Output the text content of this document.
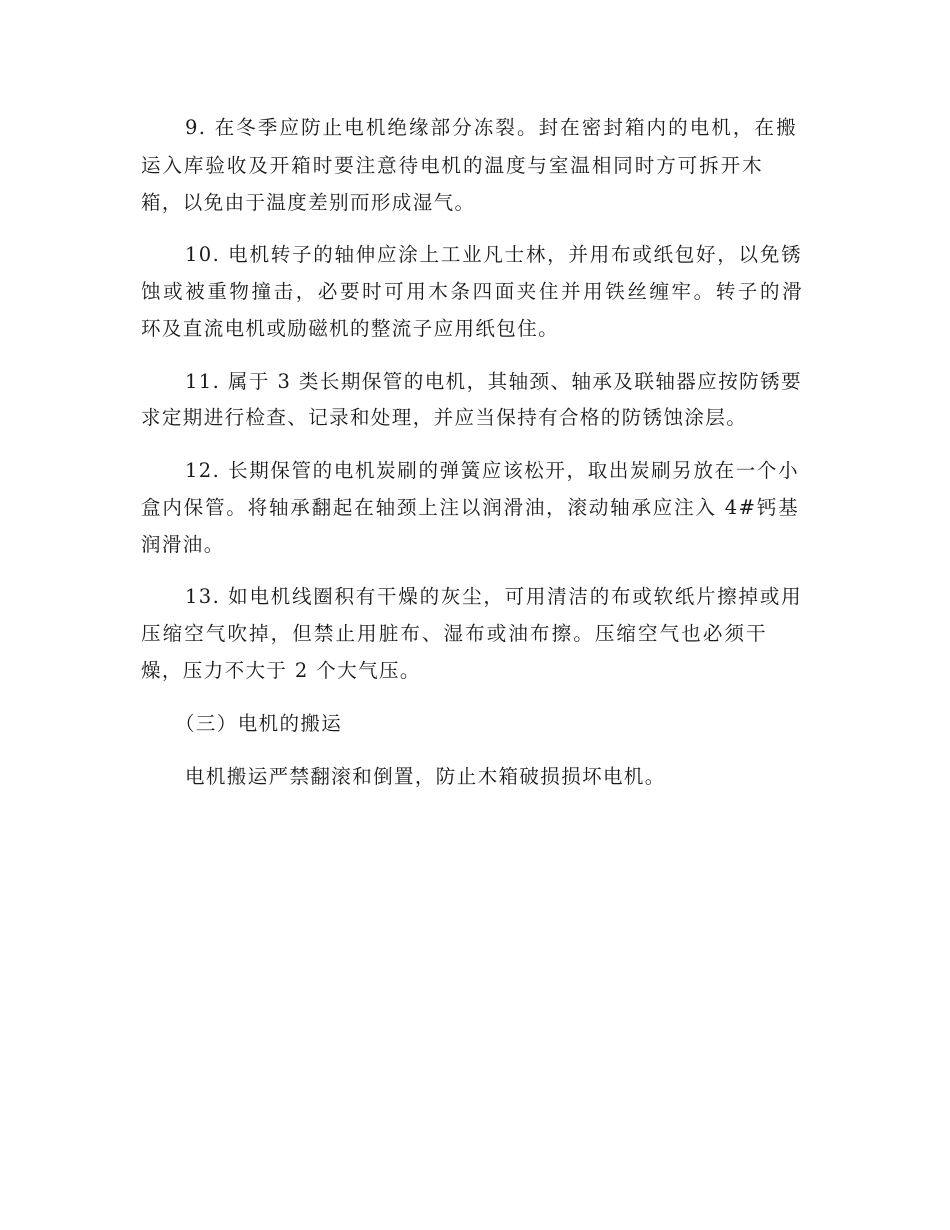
9. 在冬季应防止电机绝缘部分冻裂。封在密封箱内的电机，在搬
运入库验收及开箱时要注意待电机的温度与室温相同时方可拆开木
箱，以免由于温度差别而形成湿气。
10. 电机转子的轴伸应涂上工业凡士林，并用布或纸包好，以免锈
蚀或被重物撞击，必要时可用木条四面夹住并用铁丝缠牢。转子的滑
环及直流电机或励磁机的整流子应用纸包住。
11. 属于 3 类长期保管的电机，其轴颈、轴承及联轴器应按防锈要
求定期进行检查、记录和处理，并应当保持有合格的防锈蚀涂层。
12. 长期保管的电机炭刷的弹簧应该松开，取出炭刷另放在一个小
盒内保管。将轴承翻起在轴颈上注以润滑油，滚动轴承应注入 4#钙基
润滑油。
13. 如电机线圈积有干燥的灰尘，可用清洁的布或软纸片擦掉或用
压缩空气吹掉，但禁止用脏布、湿布或油布擦。压缩空气也必须干
燥，压力不大于 2 个大气压。
（三）电机的搬运
电机搬运严禁翻滚和倒置，防止木箱破损损坏电机。
